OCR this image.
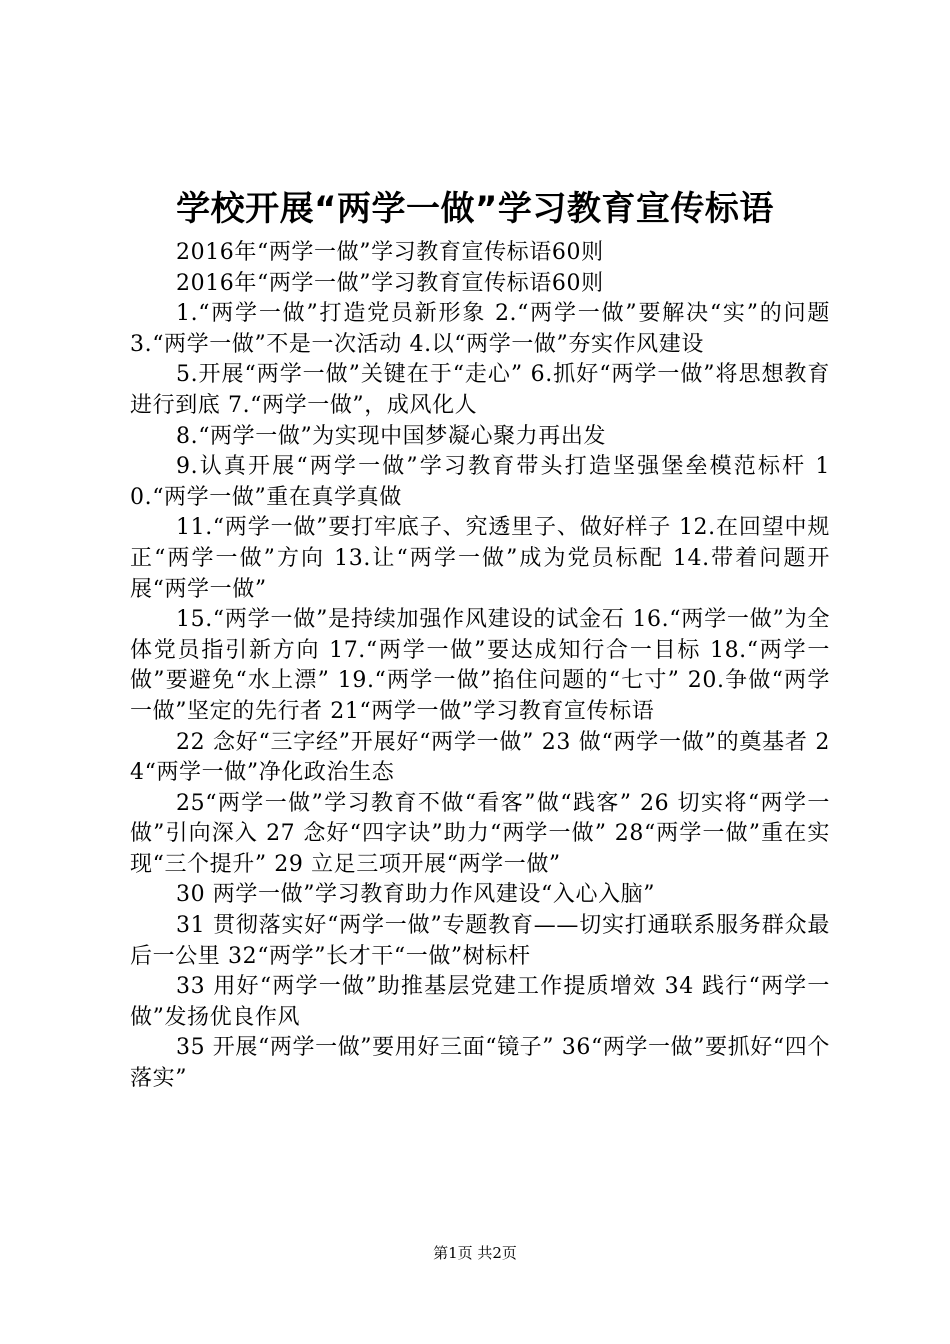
学校开展“两学一做”学习教育宣传标语

2016年“两学一做”学习教育宣传标语60则

2016年“两学一做”学习教育宣传标语60则

1.“两学一做”打造党员新形象 2.“两学一做”要解决“实”的问题 3.“两学一做”不是一次活动 4.以“两学一做”夯实作风建设

5.开展“两学一做”关键在于“走心” 6.抓好“两学一做”将思想教育进行到底 7.“两学一做”，成风化人

8.“两学一做”为实现中国梦凝心聚力再出发

9.认真开展“两学一做”学习教育带头打造坚强堡垒模范标杆 10.“两学一做”重在真学真做

11.“两学一做”要打牢底子、究透里子、做好样子 12.在回望中规正“两学一做”方向 13.让“两学一做”成为党员标配 14.带着问题开展“两学一做”

15.“两学一做”是持续加强作风建设的试金石 16.“两学一做”为全体党员指引新方向 17.“两学一做”要达成知行合一目标 18.“两学一做”要避免“水上漂” 19.“两学一做”掐住问题的“七寸” 20.争做“两学一做”坚定的先行者 21“两学一做”学习教育宣传标语

22 念好“三字经”开展好“两学一做” 23 做“两学一做”的奠基者 24“两学一做”净化政治生态

25“两学一做”学习教育不做“看客”做“践客” 26 切实将“两学一做”引向深入 27 念好“四字诀”助力“两学一做” 28“两学一做”重在实现“三个提升” 29 立足三项开展“两学一做”

30 两学一做”学习教育助力作风建设“入心入脑”

31 贯彻落实好“两学一做”专题教育——切实打通联系服务群众最后一公里 32“两学”长才干“一做”树标杆

33 用好“两学一做”助推基层党建工作提质增效 34 践行“两学一做”发扬优良作风

35 开展“两学一做”要用好三面“镜子” 36“两学一做”要抓好“四个落实”

第1页 共2页
